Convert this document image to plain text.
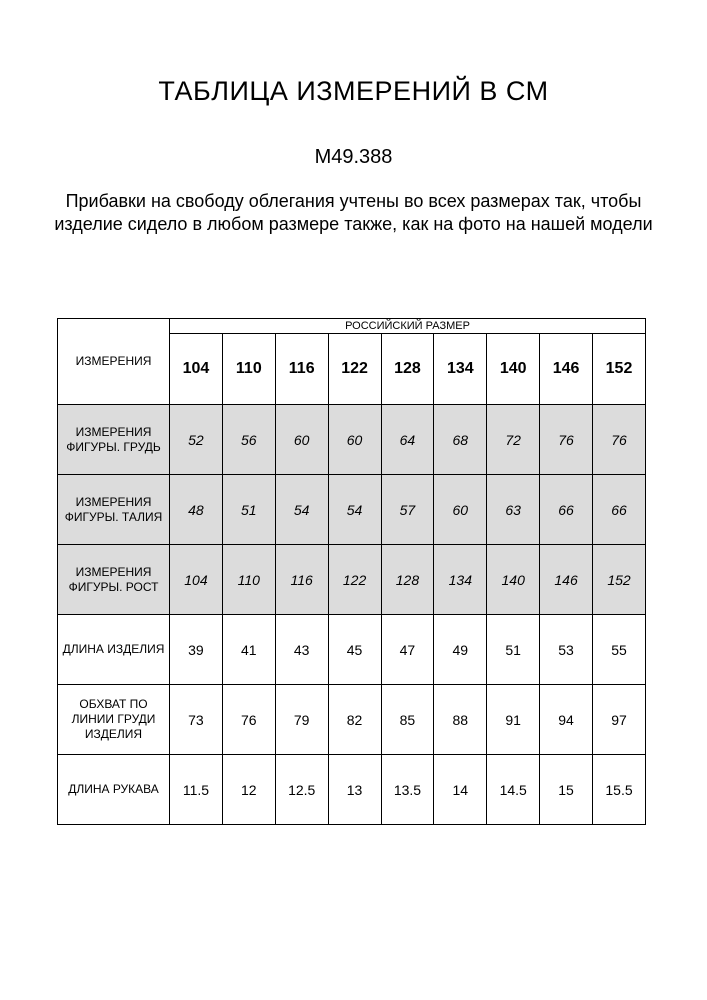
ТАБЛИЦА ИЗМЕРЕНИЙ В СМ
M49.388
Прибавки на свободу облегания учтены во всех размерах так, чтобы изделие сидело в любом размере также, как на фото на нашей модели
ИЗМЕРЕНИЯ	РОССИЙСКИЙ РАЗМЕР								
	104	110	116	122	128	134	140	146	152
ИЗМЕРЕНИЯ ФИГУРЫ. ГРУДЬ	52	56	60	60	64	68	72	76	76
ИЗМЕРЕНИЯ ФИГУРЫ. ТАЛИЯ	48	51	54	54	57	60	63	66	66
ИЗМЕРЕНИЯ ФИГУРЫ. РОСТ	104	110	116	122	128	134	140	146	152
ДЛИНА ИЗДЕЛИЯ	39	41	43	45	47	49	51	53	55
ОБХВАТ ПО ЛИНИИ ГРУДИ ИЗДЕЛИЯ	73	76	79	82	85	88	91	94	97
ДЛИНА РУКАВА	11.5	12	12.5	13	13.5	14	14.5	15	15.5
